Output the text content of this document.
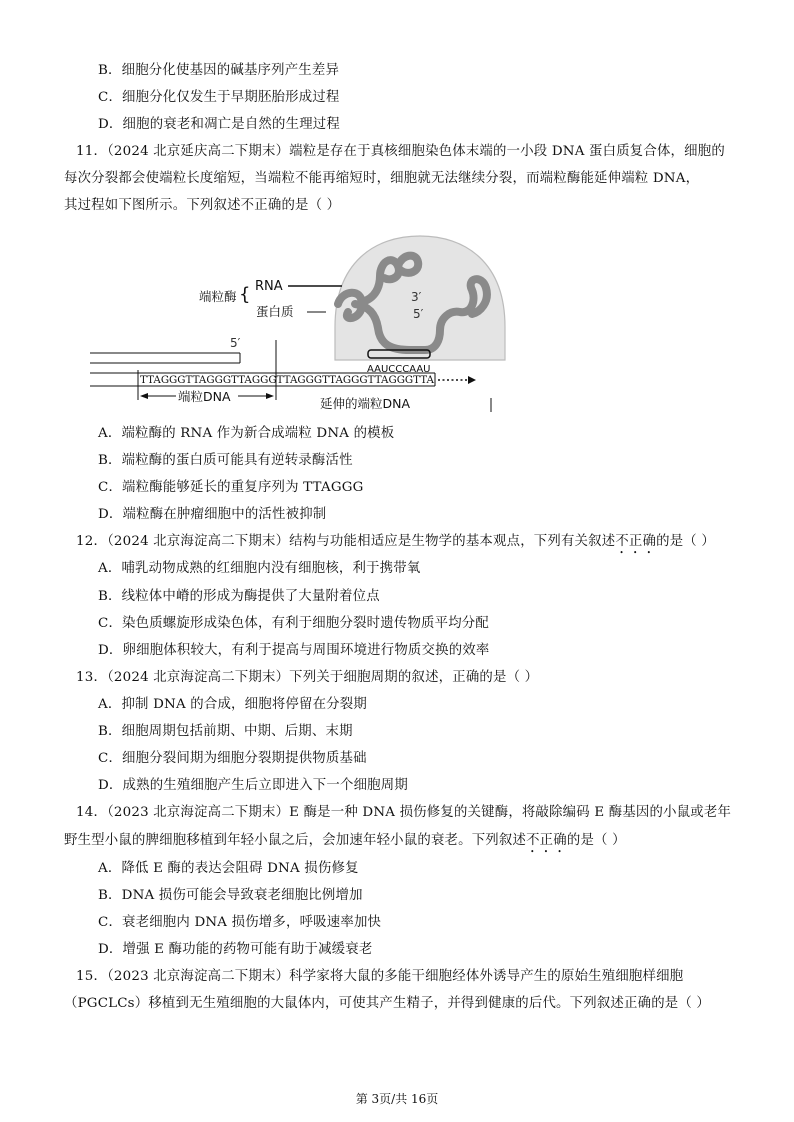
B．细胞分化使基因的碱基序列产生差异
C．细胞分化仅发生于早期胚胎形成过程
D．细胞的衰老和凋亡是自然的生理过程
11．（2024 北京延庆高二下期末）端粒是存在于真核细胞染色体末端的一小段 DNA 蛋白质复合体，细胞的
每次分裂都会使端粒长度缩短，当端粒不能再缩短时，细胞就无法继续分裂，而端粒酶能延伸端粒 DNA，
其过程如下图所示。下列叙述不正确的是（ ）
端粒酶 { RNA
蛋白质
3′
5′
5′
AAUCCCAAU
TTAGGGTTAGGGTTAGGGTTAGGGTTAGGGTTAGGGTTA
端粒DNA	延伸的端粒DNA
A．端粒酶的 RNA 作为新合成端粒 DNA 的模板
B．端粒酶的蛋白质可能具有逆转录酶活性
C．端粒酶能够延长的重复序列为 TTAGGG
D．端粒酶在肿瘤细胞中的活性被抑制
12．（2024 北京海淀高二下期末）结构与功能相适应是生物学的基本观点，下列有关叙述不正确的是（ ）
A．哺乳动物成熟的红细胞内没有细胞核，利于携带氧
B．线粒体中嵴的形成为酶提供了大量附着位点
C．染色质螺旋形成染色体，有利于细胞分裂时遗传物质平均分配
D．卵细胞体积较大，有利于提高与周围环境进行物质交换的效率
13．（2024 北京海淀高二下期末）下列关于细胞周期的叙述，正确的是（ ）
A．抑制 DNA 的合成，细胞将停留在分裂期
B．细胞周期包括前期、中期、后期、末期
C．细胞分裂间期为细胞分裂期提供物质基础
D．成熟的生殖细胞产生后立即进入下一个细胞周期
14．（2023 北京海淀高二下期末）E 酶是一种 DNA 损伤修复的关键酶，将敲除编码 E 酶基因的小鼠或老年
野生型小鼠的脾细胞移植到年轻小鼠之后，会加速年轻小鼠的衰老。下列叙述不正确的是（ ）
A．降低 E 酶的表达会阻碍 DNA 损伤修复
B．DNA 损伤可能会导致衰老细胞比例增加
C．衰老细胞内 DNA 损伤增多，呼吸速率加快
D．增强 E 酶功能的药物可能有助于减缓衰老
15．（2023 北京海淀高二下期末）科学家将大鼠的多能干细胞经体外诱导产生的原始生殖细胞样细胞
（PGCLCs）移植到无生殖细胞的大鼠体内，可使其产生精子，并得到健康的后代。下列叙述正确的是（ ）
第 3页/共 16页
